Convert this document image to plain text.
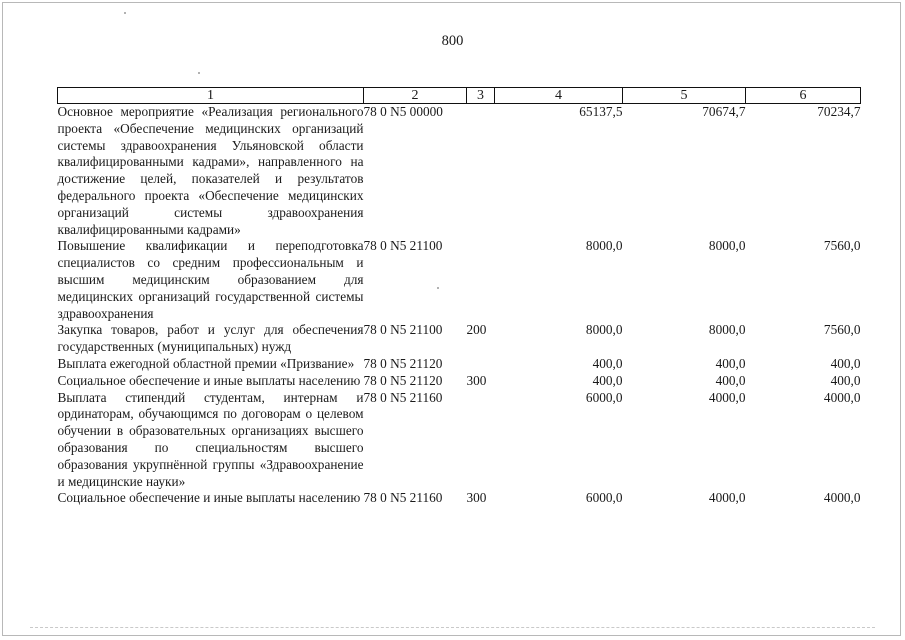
800
1	2	3	4	5	6
Основное мероприятие «Реализация регионального проекта «Обеспечение медицинских организаций системы здравоохранения Ульяновской области квалифицированными кадрами», направленного на достижение целей, показателей и результатов федерального проекта «Обеспечение медицинских организаций системы здравоохранения квалифицированными кадрами»	78 0 N5 00000		65137,5	70674,7	70234,7
Повышение квалификации и переподготовка специалистов со средним профессиональным и высшим медицинским образованием для медицинских организаций государственной системы здравоохранения	78 0 N5 21100		8000,0	8000,0	7560,0
Закупка товаров, работ и услуг для обеспечения государственных (муниципальных) нужд	78 0 N5 21100	200	8000,0	8000,0	7560,0
Выплата ежегодной областной премии «Призвание»	78 0 N5 21120		400,0	400,0	400,0
Социальное обеспечение и иные выплаты населению	78 0 N5 21120	300	400,0	400,0	400,0
Выплата стипендий студентам, интернам и ординаторам, обучающимся по договорам о целевом обучении в образовательных организациях высшего образования по специальностям высшего образования укрупнённой группы «Здравоохранение и медицинские науки»	78 0 N5 21160		6000,0	4000,0	4000,0
Социальное обеспечение и иные выплаты населению	78 0 N5 21160	300	6000,0	4000,0	4000,0
